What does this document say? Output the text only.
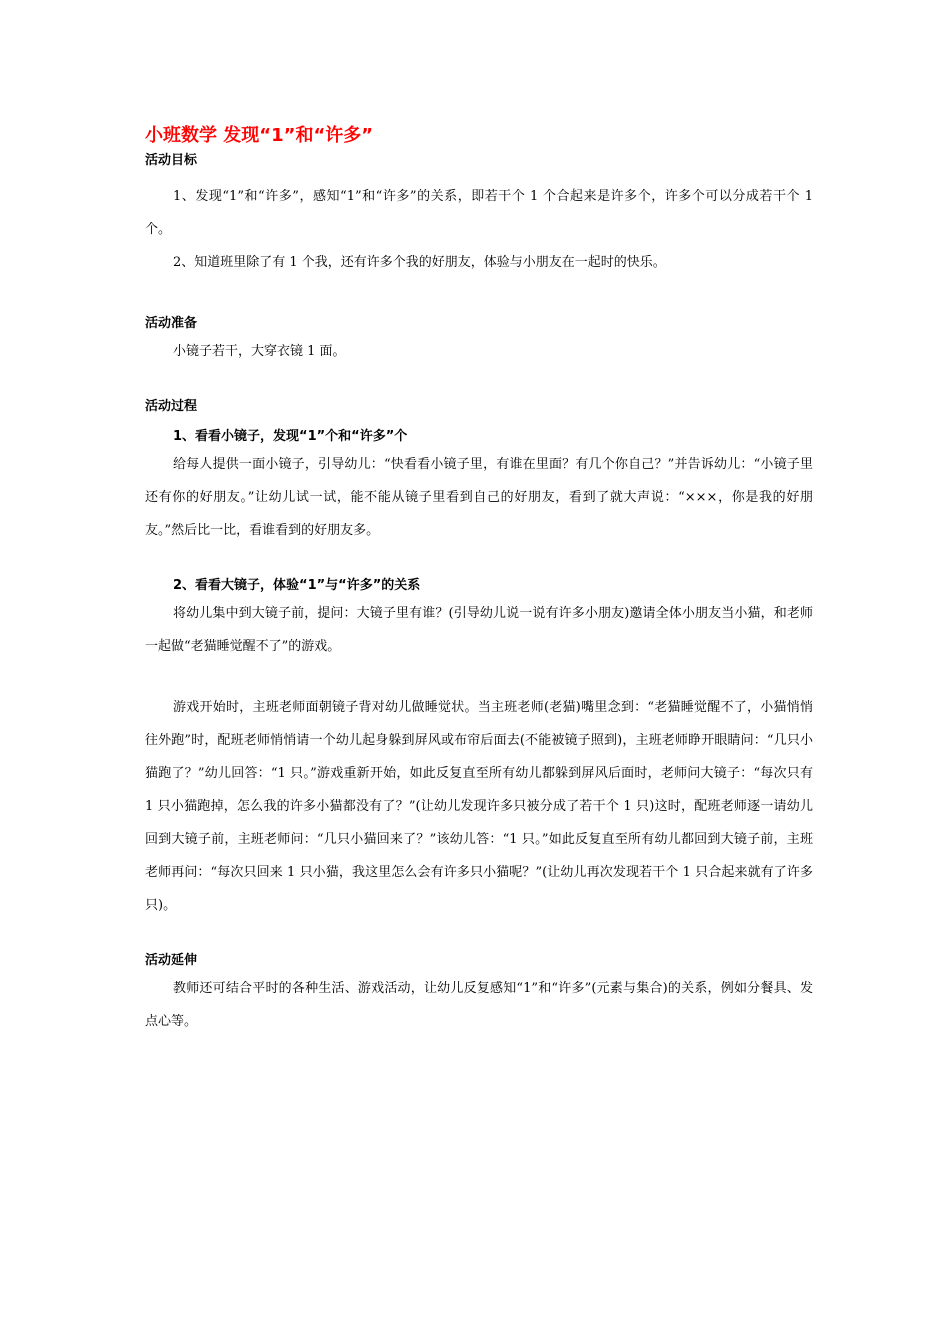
小班数学 发现“1”和“许多”
活动目标

1、发现“1”和“许多”，感知“1”和“许多”的关系，即若干个 1 个合起来是许多个，许多个可以分成若干个 1 个。

2、知道班里除了有 1 个我，还有许多个我的好朋友，体验与小朋友在一起时的快乐。

活动准备

小镜子若干，大穿衣镜 1 面。

活动过程
1、看看小镜子，发现“1”个和“许多”个

给每人提供一面小镜子，引导幼儿：“快看看小镜子里，有谁在里面？有几个你自己？”并告诉幼儿：“小镜子里还有你的好朋友。”让幼儿试一试，能不能从镜子里看到自己的好朋友，看到了就大声说：“×××，你是我的好朋友。”然后比一比，看谁看到的好朋友多。

2、看看大镜子，体验“1”与“许多”的关系

将幼儿集中到大镜子前，提问：大镜子里有谁？(引导幼儿说一说有许多小朋友)邀请全体小朋友当小猫，和老师一起做“老猫睡觉醒不了”的游戏。

游戏开始时，主班老师面朝镜子背对幼儿做睡觉状。当主班老师(老猫)嘴里念到：“老猫睡觉醒不了，小猫悄悄往外跑”时，配班老师悄悄请一个幼儿起身躲到屏风或布帘后面去(不能被镜子照到)，主班老师睁开眼睛问：“几只小猫跑了？”幼儿回答：“1 只。”游戏重新开始，如此反复直至所有幼儿都躲到屏风后面时，老师问大镜子：“每次只有 1 只小猫跑掉，怎么我的许多小猫都没有了？”(让幼儿发现许多只被分成了若干个 1 只)这时，配班老师逐一请幼儿回到大镜子前，主班老师问：“几只小猫回来了？”该幼儿答：“1 只。”如此反复直至所有幼儿都回到大镜子前，主班老师再问：“每次只回来 1 只小猫，我这里怎么会有许多只小猫呢？”(让幼儿再次发现若干个 1 只合起来就有了许多只)。

活动延伸

教师还可结合平时的各种生活、游戏活动，让幼儿反复感知“1”和“许多”(元素与集合)的关系，例如分餐具、发点心等。
